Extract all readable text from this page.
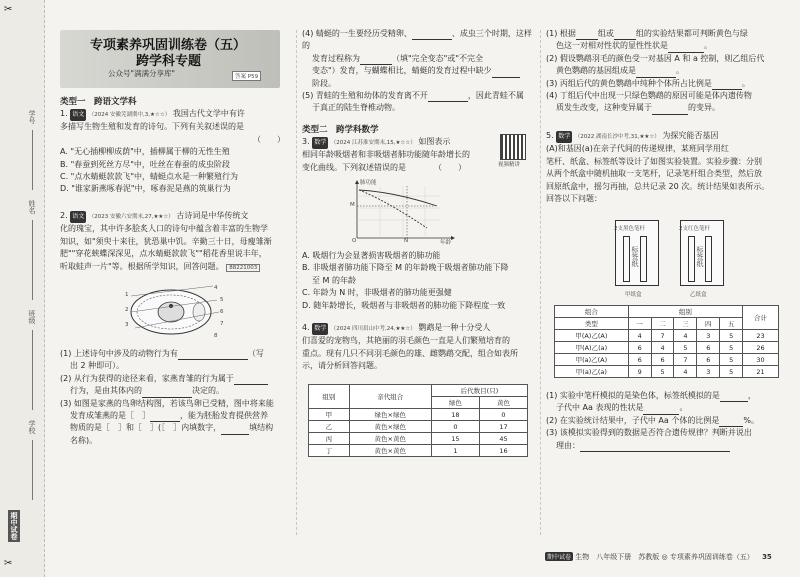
✂
✂
学号
姓名
班级
学校
期中试卷
专项素养巩固训练卷（五）
跨学科专题
公众号"满满分享库"	答案 P59
类型一　跨语文学科
1. 语文 （2024 安徽芜湖期中,3,★☆☆） 我国古代文学中有许
多描写生物生殖和发育的诗句。下列有关叙述误的是
（　　）
A. "无心插柳柳成荫"中，插柳属于柳的无性生殖
B. "春蚕到死丝方尽"中，吐丝在春蚕的成虫阶段
C. "点水蜻蜓款款飞"中，蜻蜓点水是一种繁殖行为
D. "谁家新燕啄春泥"中，啄春泥是燕的筑巢行为
2. 语文 （2023 安徽六安期末,27,★★☆） 古诗词是中华传统文
化的瑰宝，其中许多脍炙人口的诗句中蕴含着丰富的生物学
知识，如"须臾十来往，犹恐巢中饥。辛勤三十日，母瘦雏渐
肥""穿花蛱蝶深深见，点水蜻蜓款款飞""稻花香里说丰年，
听取蛙声一片"等。根据所学知识，回答问题。 88221003
1
2
3
4
5
6
7
8
(1) 上述诗句中涉及的动物行为有	（写
出 2 种即可）。
(2) 从行为获得的途径来看，家燕育雏的行为属于
行为，是由其体内的	决定的。
(3) 如图是家燕的鸟卵结构图，若该鸟卵已受精，图中将来能
发育成雏燕的是［　］	，能为胚胎发育提供营养
物质的是［　］和［　］(［　］内填数字，	填结构
名称)。
(4) 蜻蜓的一生要经历受精卵、	、成虫三个时期，这样的
发育过程称为	（填"完全变态"或"不完全
变态"）发育，与蝴蝶相比，蜻蜓的发育过程中缺少
阶段。
(5) 青蛙的生殖和幼体的发育离不开	，因此青蛙不属
于真正的陆生脊椎动物。
类型二　跨学科数学
3. 数学 （2024 江苏淮安期末,15,★☆☆） 如图表示
相同年龄吸烟者和非吸烟者肺功能随年龄增长的
变化曲线。下列叙述错误的是	（　　）	视频精讲
肺功能
M
O	N	年龄
A. 吸烟行为会显著损害吸烟者的肺功能
B. 非吸烟者肺功能下降至 M 的年龄晚于吸烟者肺功能下降
至 M 的年龄
C. 年龄为 N 时，非吸烟者的肺功能更强健
D. 随年龄增长，吸烟者与非吸烟者的肺功能下降程度一致
4. 数学 （2024 四川眉山中考,24,★★☆） 鹦鹉是一种十分受人
们喜爱的宠物鸟，其艳丽的羽毛颜色一直是人们繁殖培育的
重点。现有几只不同羽毛颜色的雄、雌鹦鹉交配，组合如表所
示，请分析回答问题。
组别	亲代组合	后代数目(只)	
		绿色	黄色
甲	绿色×绿色	18	0
乙	黄色×绿色	0	17
丙	黄色×黄色	15	45
丁	黄色×黄色	1	16
(1) 根据	组或	组的实验结果都可判断黄色与绿
色这一对相对性状的显性性状是	。
(2) 假设鹦鹉羽毛的颜色受一对基因 A 和 a 控制，则乙组后代
黄色鹦鹉的基因组成是	。
(3) 丙组后代的黄色鹦鹉中纯种个体所占比例是	。
(4) 丁组后代中出现一只绿色鹦鹉的原因可能是体内遗传物
质发生改变，这种变异属于	的变异。
5. 数学 （2022 湖南长沙中考,31,★★☆） 为探究能否基因
(A)和基因(a)在亲子代间的传递规律，某班同学用红
笔杆、纸盒、标签纸等设计了如图实验装置。实验步骤：分别
从两个纸盒中随机抽取一支笔杆，记录笔杆组合类型，然后放
回原纸盒中，摇匀再抽，总共记录 20 次。统计结果如表所示。
回答以下问题：
2支黑色笔杆
标签纸
甲纸盒
2支红色笔杆
标签纸
乙纸盒
组合	组别					合计
类型	一	二	三	四	五	
甲(A)乙(A)	4	7	4	3	5	23
甲(A)乙(a)	6	4	5	6	5	26
甲(a)乙(A)	6	6	7	6	5	30
甲(a)乙(a)	9	5	4	3	5	21
(1) 实验中笔杆模拟的是染色体，标签纸模拟的是	，
子代中 Aa 表现的性状是	。
(2) 在实验统计结果中，子代中 Aa 个体的比例是	%。
(3) 该模拟实验得到的数据是否符合遗传规律？判断并说出
理由：
期中试卷 生物　八年级下册　苏教版 ◎ 专项素养巩固训练卷（五） 35
